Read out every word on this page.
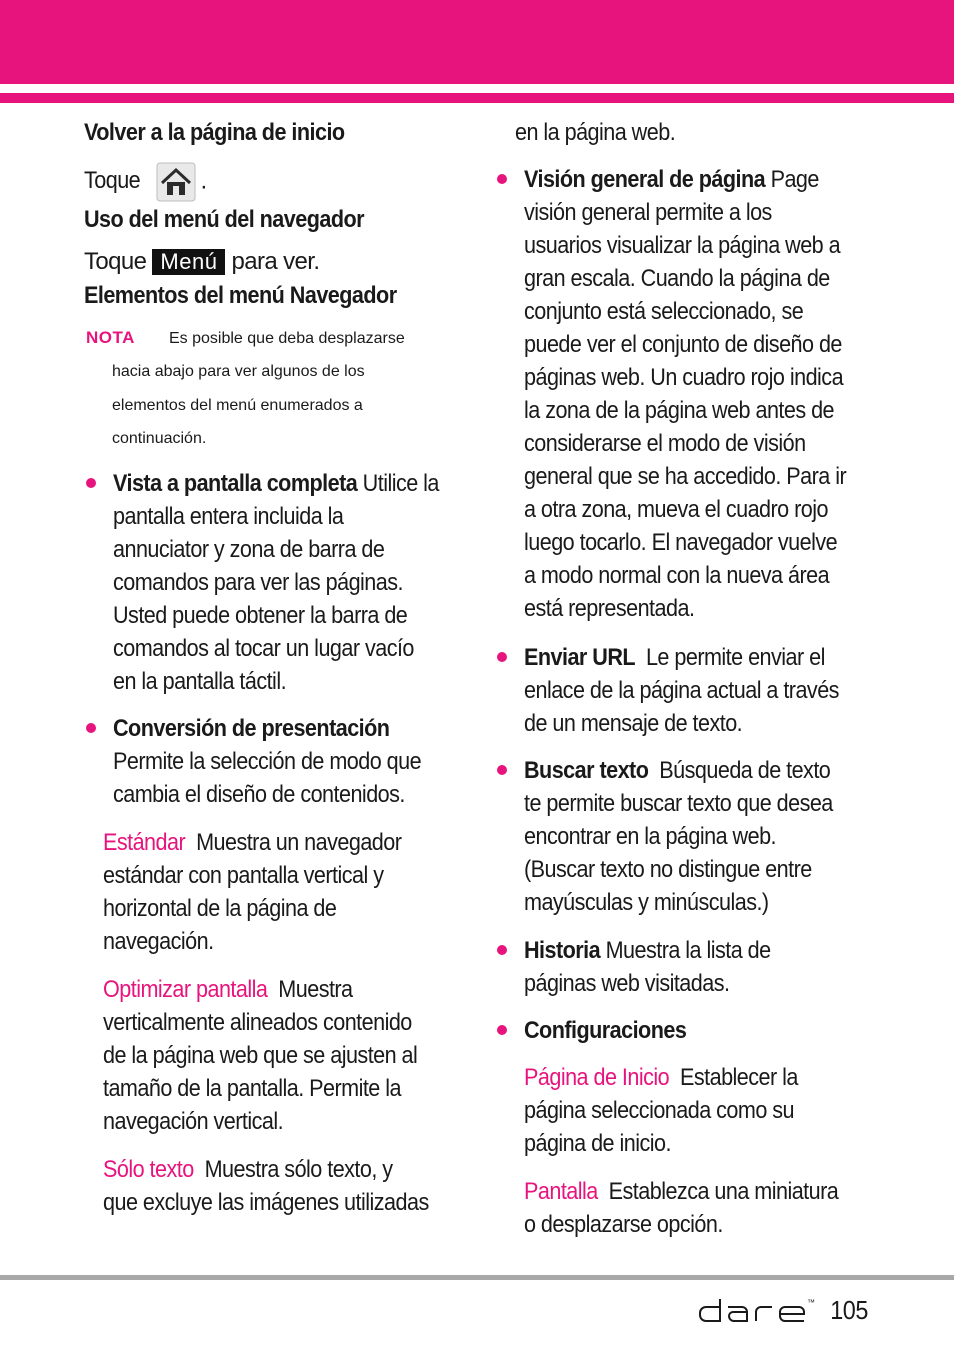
Volver a la página de inicio
Toque	.
Uso del menú del navegador
Toque Menú para ver.
Elementos del menú Navegador
NOTA Es posible que deba desplazarse
hacia abajo para ver algunos de los
elementos del menú enumerados a
continuación.
Vista a pantalla completa Utilice la
pantalla entera incluida la
annuciator y zona de barra de
comandos para ver las páginas.
Usted puede obtener la barra de
comandos al tocar un lugar vacío
en la pantalla táctil.
Conversión de presentación
Permite la selección de modo que
cambia el diseño de contenidos.
Estándar Muestra un navegador
estándar con pantalla vertical y
horizontal de la página de
navegación.
Optimizar pantalla Muestra
verticalmente alineados contenido
de la página web que se ajusten al
tamaño de la pantalla. Permite la
navegación vertical.
Sólo texto Muestra sólo texto, y
que excluye las imágenes utilizadas
en la página web.
Visión general de página Page
visión general permite a los
usuarios visualizar la página web a
gran escala. Cuando la página de
conjunto está seleccionado, se
puede ver el conjunto de diseño de
páginas web. Un cuadro rojo indica
la zona de la página web antes de
considerarse el modo de visión
general que se ha accedido. Para ir
a otra zona, mueva el cuadro rojo
luego tocarlo. El navegador vuelve
a modo normal con la nueva área
está representada.
Enviar URL Le permite enviar el
enlace de la página actual a través
de un mensaje de texto.
Buscar texto Búsqueda de texto
te permite buscar texto que desea
encontrar en la página web.
(Buscar texto no distingue entre
mayúsculas y minúsculas.)
Historia Muestra la lista de
páginas web visitadas.
Configuraciones
Página de Inicio Establecer la
página seleccionada como su
página de inicio.
Pantalla Establezca una miniatura
o desplazarse opción.
™ 105
